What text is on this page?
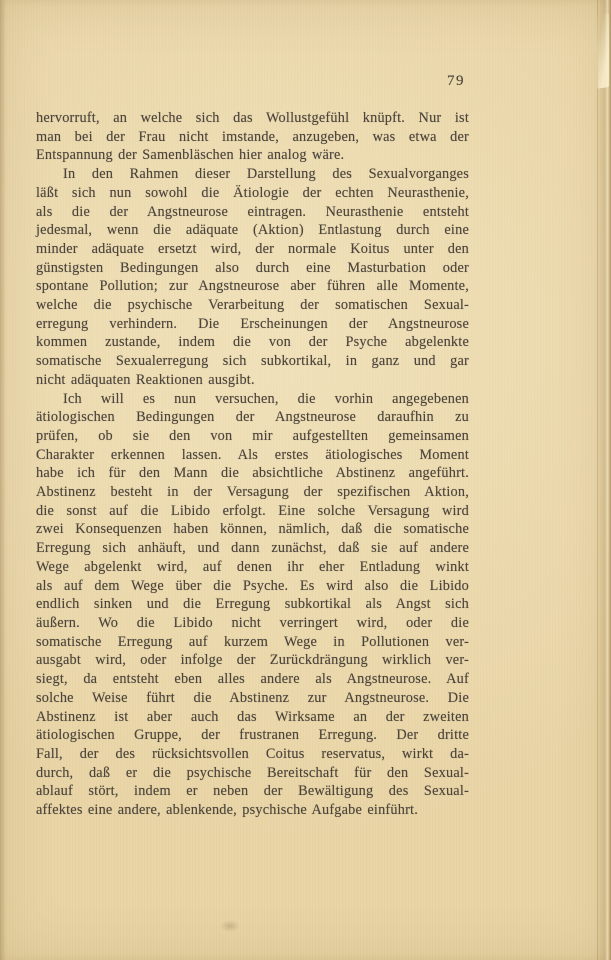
79
hervorruft, an welche sich das Wollustgefühl knüpft. Nur ist
man bei der Frau nicht imstande, anzugeben, was etwa der
Entspannung der Samenbläschen hier analog wäre.
In den Rahmen dieser Darstellung des Sexualvorganges
läßt sich nun sowohl die Ätiologie der echten Neurasthenie,
als die der Angstneurose eintragen. Neurasthenie entsteht
jedesmal, wenn die adäquate (Aktion) Entlastung durch eine
minder adäquate ersetzt wird, der normale Koitus unter den
günstigsten Bedingungen also durch eine Masturbation oder
spontane Pollution; zur Angstneurose aber führen alle Momente,
welche die psychische Verarbeitung der somatischen Sexual-
erregung verhindern. Die Erscheinungen der Angstneurose
kommen zustande, indem die von der Psyche abgelenkte
somatische Sexualerregung sich subkortikal, in ganz und gar
nicht adäquaten Reaktionen ausgibt.
Ich will es nun versuchen, die vorhin angegebenen
ätiologischen Bedingungen der Angstneurose daraufhin zu
prüfen, ob sie den von mir aufgestellten gemeinsamen
Charakter erkennen lassen. Als erstes ätiologisches Moment
habe ich für den Mann die absichtliche Abstinenz angeführt.
Abstinenz besteht in der Versagung der spezifischen Aktion,
die sonst auf die Libido erfolgt. Eine solche Versagung wird
zwei Konsequenzen haben können, nämlich, daß die somatische
Erregung sich anhäuft, und dann zunächst, daß sie auf andere
Wege abgelenkt wird, auf denen ihr eher Entladung winkt
als auf dem Wege über die Psyche. Es wird also die Libido
endlich sinken und die Erregung subkortikal als Angst sich
äußern. Wo die Libido nicht verringert wird, oder die
somatische Erregung auf kurzem Wege in Pollutionen ver-
ausgabt wird, oder infolge der Zurückdrängung wirklich ver-
siegt, da entsteht eben alles andere als Angstneurose. Auf
solche Weise führt die Abstinenz zur Angstneurose. Die
Abstinenz ist aber auch das Wirksame an der zweiten
ätiologischen Gruppe, der frustranen Erregung. Der dritte
Fall, der des rücksichtsvollen Coitus reservatus, wirkt da-
durch, daß er die psychische Bereitschaft für den Sexual-
ablauf stört, indem er neben der Bewältigung des Sexual-
affektes eine andere, ablenkende, psychische Aufgabe einführt.
